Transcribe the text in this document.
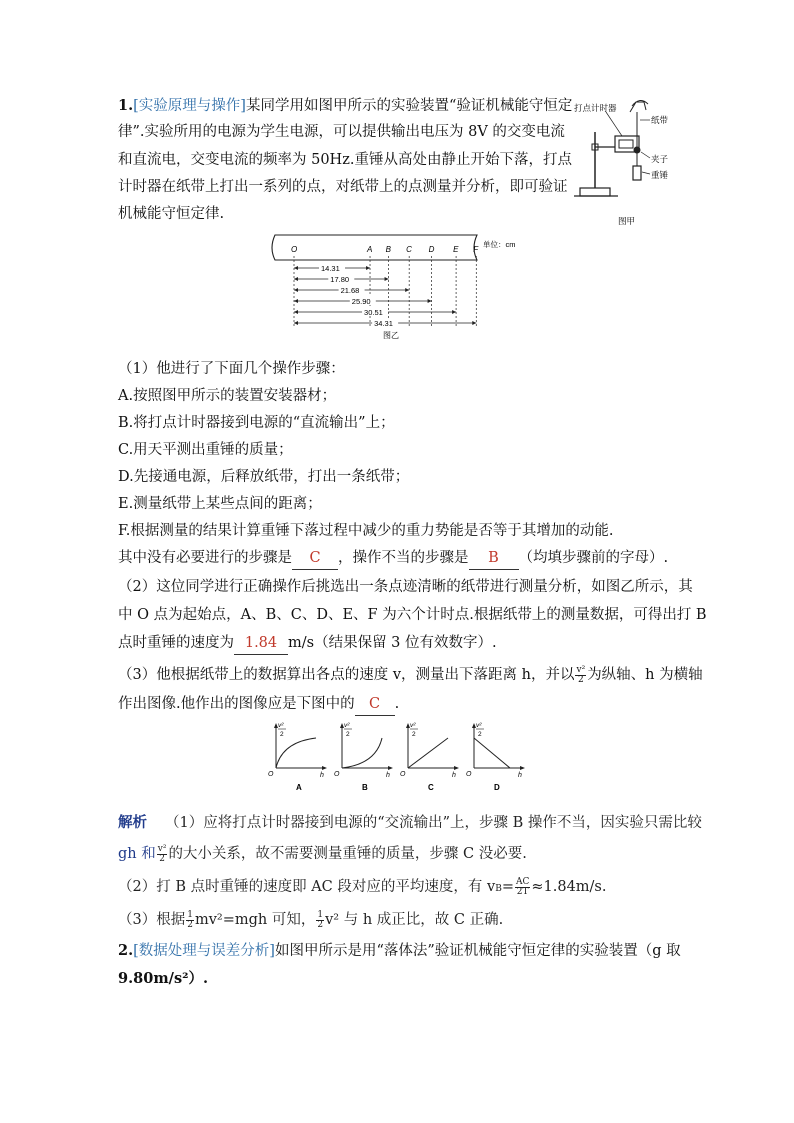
1.[实验原理与操作]某同学用如图甲所示的实验装置“验证机械能守恒定
律”.实验所用的电源为学生电源，可以提供输出电压为 8V 的交变电流
和直流电，交变电流的频率为 50Hz.重锤从高处由静止开始下落，打点
计时器在纸带上打出一系列的点，对纸带上的点测量并分析，即可验证
机械能守恒定律.
打点计时器
纸带
夹子
重锤
图甲
O	A B C D E F
单位：cm
14.31
17.80
21.68
25.90
30.51
34.31
图乙
（1）他进行了下面几个操作步骤：
A.按照图甲所示的装置安装器材；
B.将打点计时器接到电源的“直流输出”上；
C.用天平测出重锤的质量；
D.先接通电源，后释放纸带，打出一条纸带；
E.测量纸带上某些点间的距离；
F.根据测量的结果计算重锤下落过程中减少的重力势能是否等于其增加的动能.
其中没有必要进行的步骤是 C ，操作不当的步骤是 B （均填步骤前的字母）.
（2）这位同学进行正确操作后挑选出一条点迹清晰的纸带进行测量分析，如图乙所示，其
中 O 点为起始点，A、B、C、D、E、F 为六个计时点.根据纸带上的测量数据，可得出打 B
点时重锤的速度为 1.84 m/s（结果保留 3 位有效数字）.
（3）他根据纸带上的数据算出各点的速度 v，测量出下落距离 h，并以 $\frac{\text{v²}}{2}$ 为纵轴、h 为横轴
作出图像.他作出的图像应是下图中的 C .
v²
2
O	h
A
v²
2
O	h
B
v²
2
O	h
C
v²
2
O	h
D
解析 （1）应将打点计时器接到电源的“交流输出”上，步骤 B 操作不当，因实验只需比较
gh 和 $\frac{\text{v²}}{2}$ 的大小关系，故不需要测量重锤的质量，步骤 C 没必要.
（2）打 B 点时重锤的速度即 AC 段对应的平均速度，有 $vB= \frac{AC}{2T} \approx 1.84m/s$.
（3）根据 $\frac{1}{2} mv^2=mgh$ 可知， $\frac{1}{2} v^2$ 与 h 成正比，故 C 正确.
2.[数据处理与误差分析]如图甲所示是用“落体法”验证机械能守恒定律的实验装置（g 取
9.80m/s²）.
